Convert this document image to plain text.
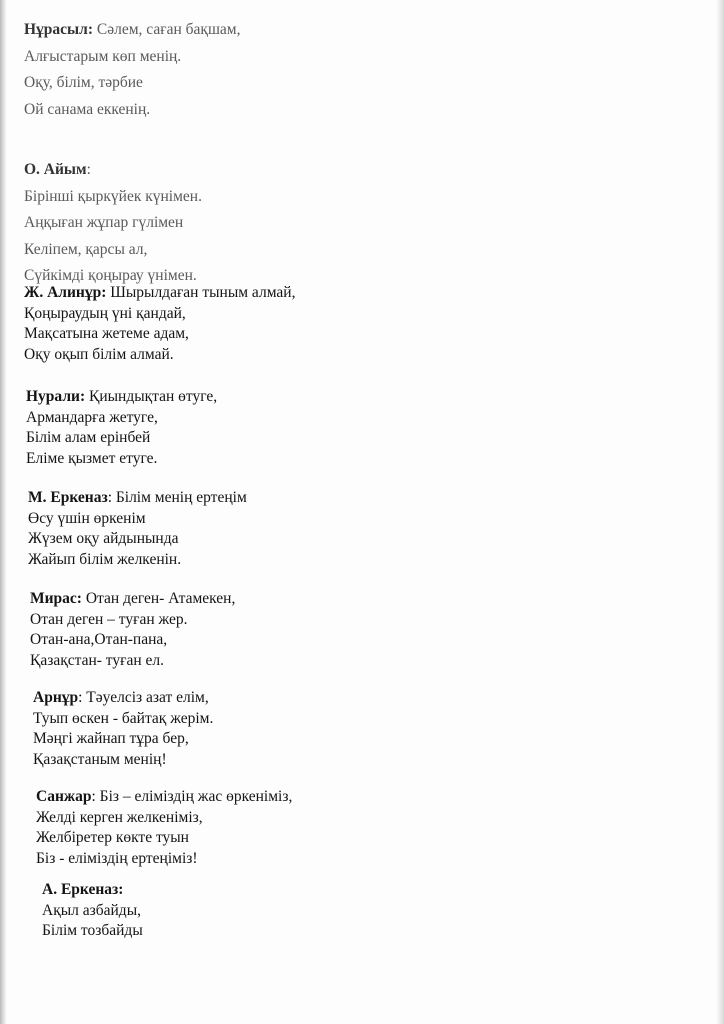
Нұрасыл: Сәлем, саған бақшам,
Алғыстарым көп менің.
Оқу, білім, тәрбие
Ой санама еккенің.
О. Айым:
Бірінші қыркүйек күнімен.
Аңқыған жұпар гүлімен
Келіпем, қарсы ал,
Сүйкімді қоңырау үнімен.
Ж. Алинұр: Шырылдаған тыным алмай,
Қоңыраудың үні қандай,
Мақсатына жетеме адам,
Оқу оқып білім алмай.
Нурали: Қиындықтан өтуге,
Армандарға жетуге,
Білім алам ерінбей
Еліме қызмет етуге.
М. Еркеназ: Білім менің ертеңім
Өсу үшін өркенім
Жүзем оқу айдынында
Жайып білім желкенін.
Мирас: Отан деген- Атамекен,
Отан деген – туған жер.
Отан-ана,Отан-пана,
Қазақстан- туған ел.
Арнұр: Тәуелсіз азат елім,
Туып өскен - байтақ жерім.
Мәңгі жайнап тұра бер,
Қазақстаным менің!
Санжар: Біз – еліміздің жас өркеніміз,
Желді керген желкеніміз,
Желбіретер көкте туын
Біз - еліміздің ертеңіміз!
А. Еркеназ:
Ақыл азбайды,
Білім тозбайды
